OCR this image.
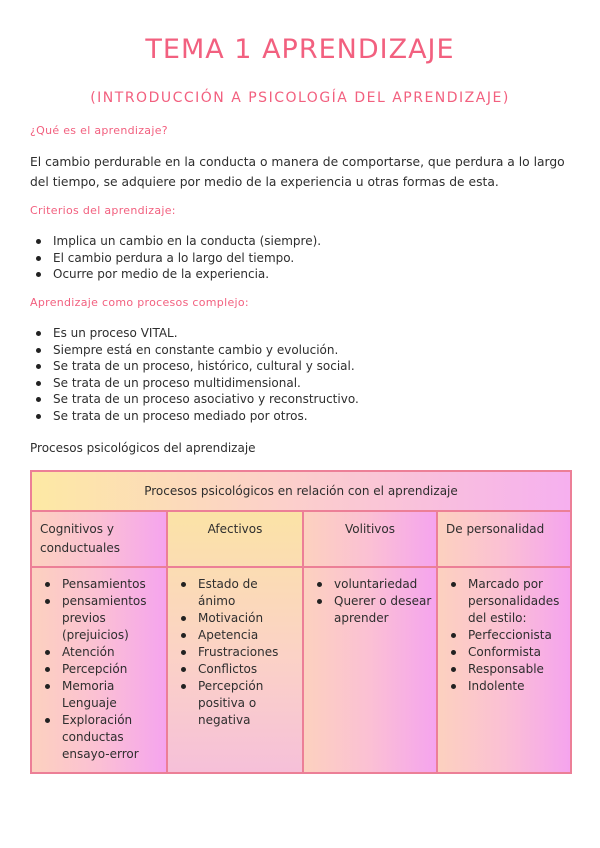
TEMA 1 APRENDIZAJE
(INTRODUCCIÓN A PSICOLOGÍA DEL APRENDIZAJE)
¿Qué es el aprendizaje?
El cambio perdurable en la conducta o manera de comportarse, que perdura a lo largo del tiempo, se adquiere por medio de la experiencia u otras formas de esta.
Criterios del aprendizaje:
Implica un cambio en la conducta (siempre).
El cambio perdura a lo largo del tiempo.
Ocurre por medio de la experiencia.
Aprendizaje como procesos complejo:
Es un proceso VITAL.
Siempre está en constante cambio y evolución.
Se trata de un proceso, histórico, cultural y social.
Se trata de un proceso multidimensional.
Se trata de un proceso asociativo y reconstructivo.
Se trata de un proceso mediado por otros.
Procesos psicológicos del aprendizaje
Procesos psicológicos en relación con el aprendizaje
Cognitivos y conductuales
Pensamientos
pensamientos previos (prejuicios)
Atención
Percepción
Memoria
Lenguaje
Exploración conductas ensayo-error
Afectivos
Estado de ánimo
Motivación
Apetencia
Frustraciones
Conflictos
Percepción positiva o negativa
Volitivos
voluntariedad
Querer o desear aprender
De personalidad
Marcado por personalidades del estilo:
Perfeccionista
Conformista
Responsable
Indolente
